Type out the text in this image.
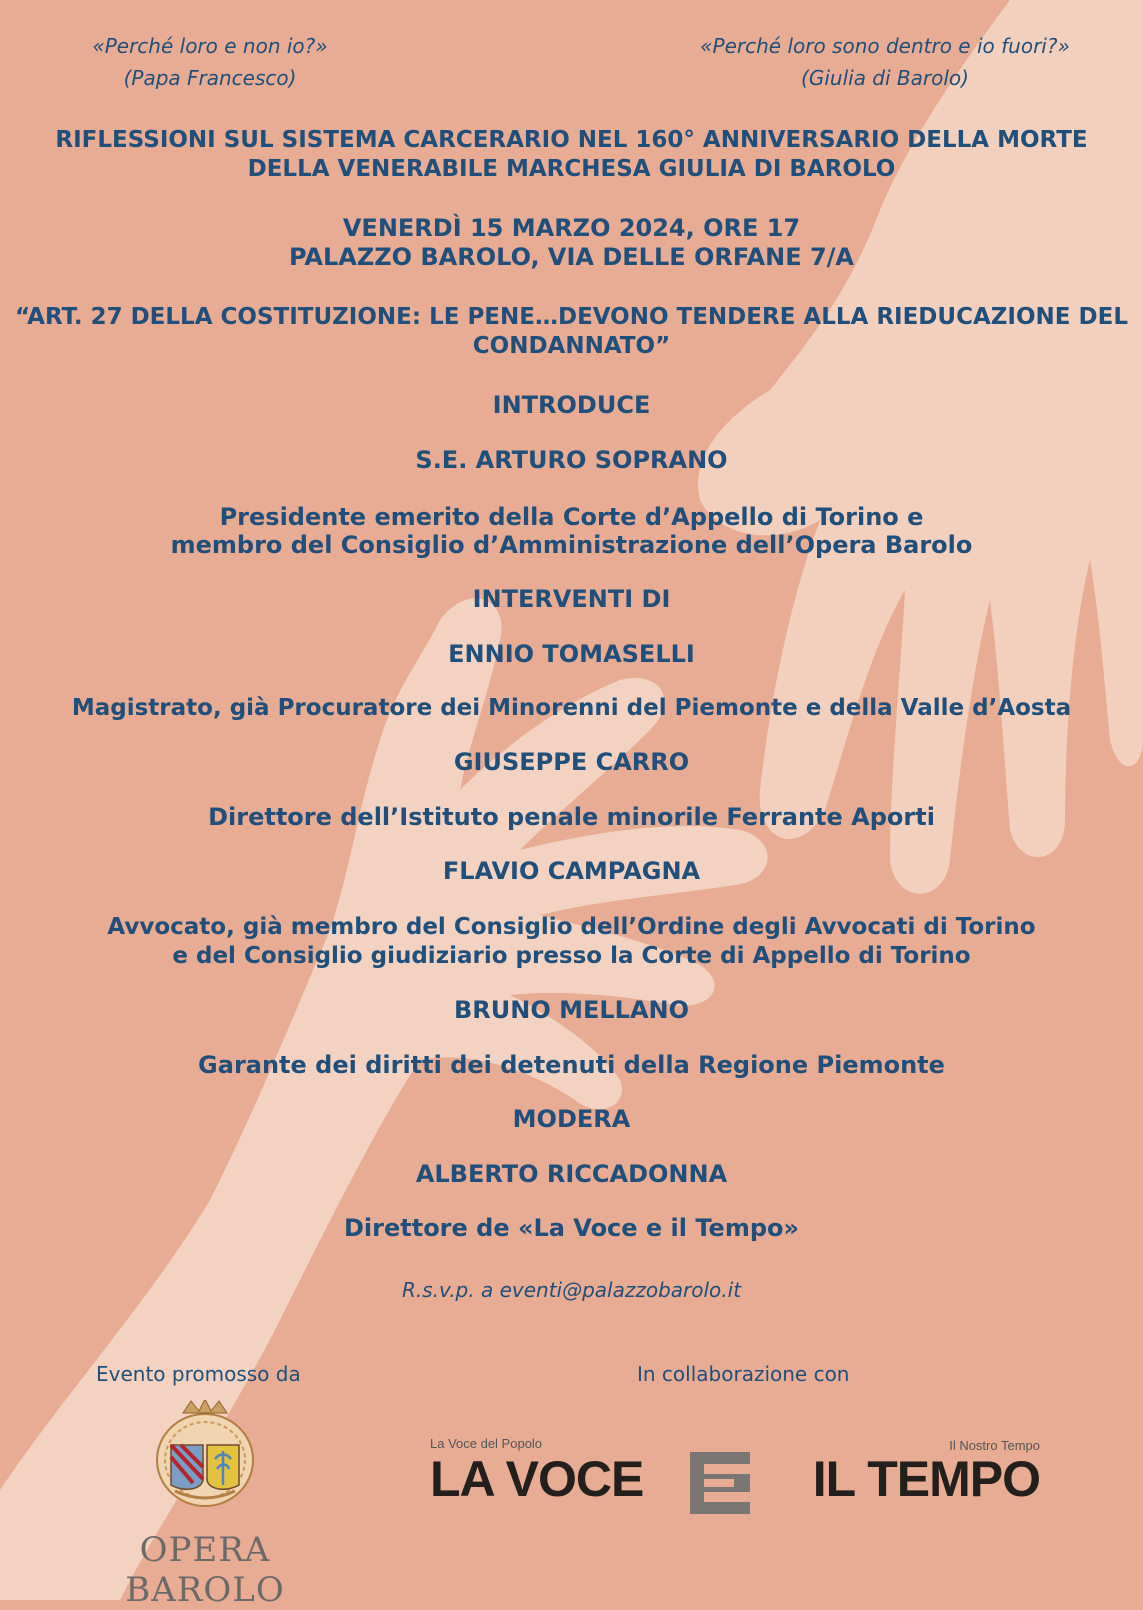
«Perché loro e non io?»
(Papa Francesco)
«Perché loro sono dentro e io fuori?»
(Giulia di Barolo)
RIFLESSIONI SUL SISTEMA CARCERARIO NEL 160° ANNIVERSARIO DELLA MORTE
DELLA VENERABILE MARCHESA GIULIA DI BAROLO
VENERDÌ 15 MARZO 2024, ORE 17
PALAZZO BAROLO, VIA DELLE ORFANE 7/A
“ART. 27 DELLA COSTITUZIONE: LE PENE…DEVONO TENDERE ALLA RIEDUCAZIONE DEL
CONDANNATO”
INTRODUCE
S.E. ARTURO SOPRANO
Presidente emerito della Corte d’Appello di Torino e
membro del Consiglio d’Amministrazione dell’Opera Barolo
INTERVENTI DI
ENNIO TOMASELLI
Magistrato, già Procuratore dei Minorenni del Piemonte e della Valle d’Aosta
GIUSEPPE CARRO
Direttore dell’Istituto penale minorile Ferrante Aporti
FLAVIO CAMPAGNA
Avvocato, già membro del Consiglio dell’Ordine degli Avvocati di Torino
e del Consiglio giudiziario presso la Corte di Appello di Torino
BRUNO MELLANO
Garante dei diritti dei detenuti della Regione Piemonte
MODERA
ALBERTO RICCADONNA
Direttore de «La Voce e il Tempo»
R.s.v.p. a eventi@palazzobarolo.it
Evento promosso da	In collaborazione con
OPERA BAROLO
La Voce del Popolo	Il Nostro Tempo
LA VOCE	IL TEMPO
